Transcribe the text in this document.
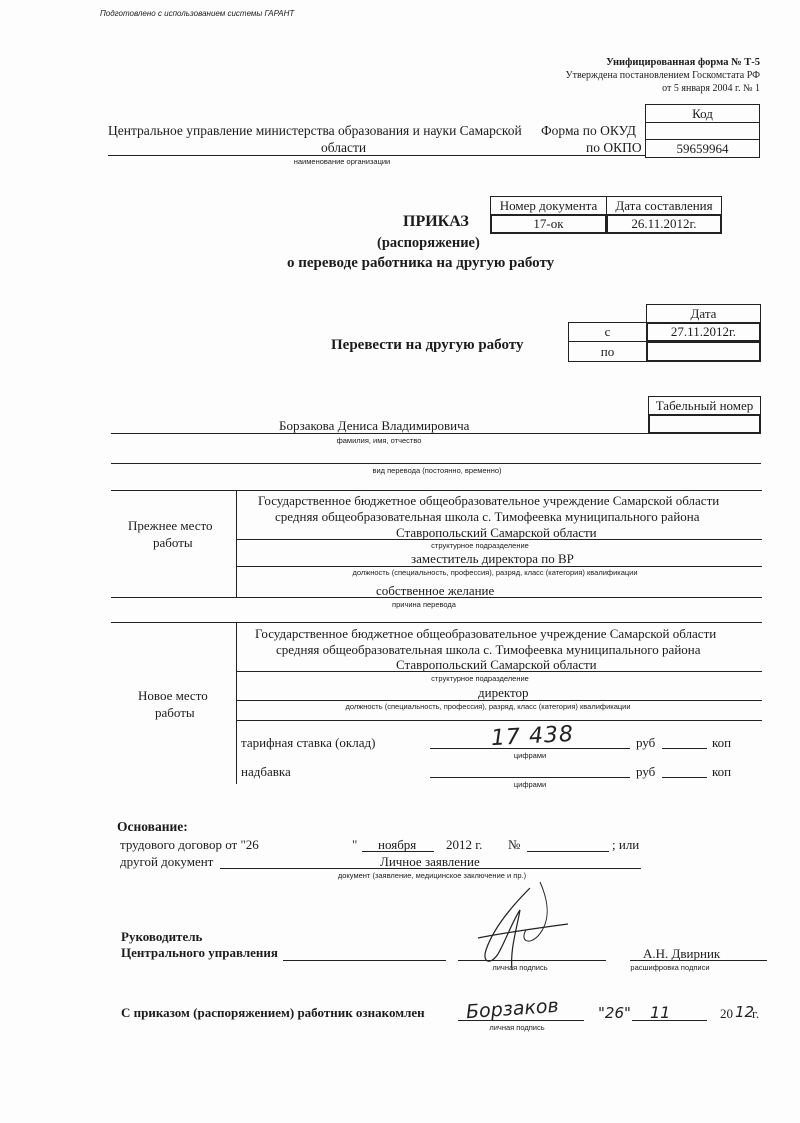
Подготовлено с использованием системы ГАРАНТ
Унифицированная форма № Т-5
Утверждена постановлением Госкомстата РФ
от 5 января 2004 г. № 1
Код
59659964
Форма по ОКУД
по ОКПО
Центральное управление министерства образования и науки Самарской
области
наименование организации
Номер документа Дата составления
17-ок	26.11.2012г.
ПРИКАЗ
(распоряжение)
о переводе работника на другую работу
Дата
с	27.11.2012г.
по
Перевести на другую работу
Табельный номер
Борзакова Дениса Владимировича
фамилия, имя, отчество
вид перевода (постоянно, временно)
Прежнее место
работы
Государственное бюджетное общеобразовательное учреждение Самарской области
средняя общеобразовательная школа с. Тимофеевка муниципального района
Ставропольский Самарской области
структурное подразделение
заместитель директора по ВР
должность (специальность, профессия), разряд, класс (категория) квалификации
собственное желание
причина перевода
Новое место
работы
Государственное бюджетное общеобразовательное учреждение Самарской области
средняя общеобразовательная школа с. Тимофеевка муниципального района
Ставропольский Самарской области
структурное подразделение
директор
должность (специальность, профессия), разряд, класс (категория) квалификации
тарифная ставка (оклад)	17 438	руб	коп
цифрами
надбавка	руб	коп
цифрами
Основание:
трудового договор от "26	" ноября 2012 г. №	; или
другой документ	Личное заявление
документ (заявление, медицинское заключение и пр.)
Руководитель
Центрального управления
личная подпись
А.Н. Двирник
расшифровка подписи
С приказом (распоряжением) работник ознакомлен Борзаков
личная подпись
"26" 11	20 12
г.
